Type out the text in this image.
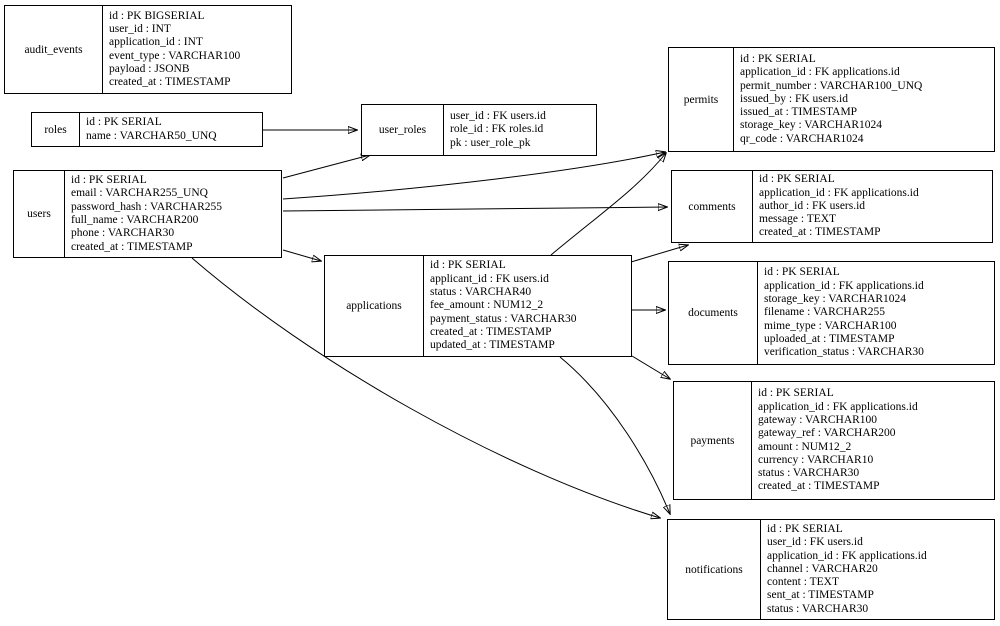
audit_events
id : PK BIGSERIAL
user_id : INT
application_id : INT
event_type : VARCHAR100
payload : JSONB
created_at : TIMESTAMP
roles
id : PK SERIAL
name : VARCHAR50_UNQ	user_roles
user_id : FK users.id
role_id : FK roles.id
pk : user_role_pk
users
id : PK SERIAL
email : VARCHAR255_UNQ
password_hash : VARCHAR255
full_name : VARCHAR200
phone : VARCHAR30
created_at : TIMESTAMP
applications
id : PK SERIAL
applicant_id : FK users.id
status : VARCHAR40
fee_amount : NUM12_2
payment_status : VARCHAR30
created_at : TIMESTAMP
updated_at : TIMESTAMP
permits
id : PK SERIAL
application_id : FK applications.id
permit_number : VARCHAR100_UNQ
issued_by : FK users.id
issued_at : TIMESTAMP
storage_key : VARCHAR1024
qr_code : VARCHAR1024
comments
id : PK SERIAL
application_id : FK applications.id
author_id : FK users.id
message : TEXT
created_at : TIMESTAMP
documents
id : PK SERIAL
application_id : FK applications.id
storage_key : VARCHAR1024
filename : VARCHAR255
mime_type : VARCHAR100
uploaded_at : TIMESTAMP
verification_status : VARCHAR30
payments
id : PK SERIAL
application_id : FK applications.id
gateway : VARCHAR100
gateway_ref : VARCHAR200
amount : NUM12_2
currency : VARCHAR10
status : VARCHAR30
created_at : TIMESTAMP
notifications
id : PK SERIAL
user_id : FK users.id
application_id : FK applications.id
channel : VARCHAR20
content : TEXT
sent_at : TIMESTAMP
status : VARCHAR30
